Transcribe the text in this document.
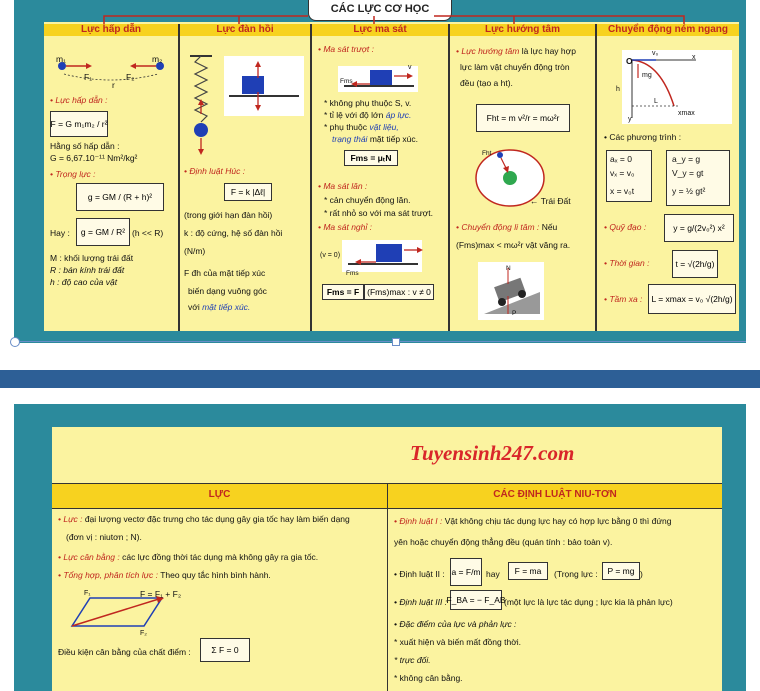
CÁC LỰC CƠ HỌC
Lực hấp dẫn	Lực đàn hồi	Lực ma sát	Lực hướng tâm	Chuyển động ném ngang
m₁	m₂
F₁	F₂
r
• Lực hấp dẫn :
F = G m₁m₂ / r²
Hằng số hấp dẫn :
G = 6,67.10⁻¹¹ Nm²/kg²
• Trọng lực :
g = GM / (R + h)²
Hay :	g = GM / R² (h << R)
M : khối lượng trái đất
R : bán kính trái đất
h : độ cao của vật
• Định luật Húc :
F = k |Δℓ|
(trong giới hạn đàn hồi)
k : độ cứng, hệ số đàn hồi
(N/m)
F đh của mặt tiếp xúc
biến dạng vuông góc
với mặt tiếp xúc.
• Ma sát trượt :
Fms
v
* không phụ thuộc S, v.
* tỉ lệ với độ lớn áp lực.
* phụ thuộc vật liệu,
trạng thái mặt tiếp xúc.
Fms = μₜN
• Ma sát lăn :
* cản chuyển động lăn.
* rất nhỏ so với ma sát trượt.
• Ma sát nghỉ :
(v = 0)
Fms
Fms = F (Fms)max : v ≠ 0
• Lực hướng tâm là lực hay hợp
lực làm vật chuyển động tròn
đều (tạo a ht).
Fht = m v²/r = mω²r
Fht
← Trái Đất
• Chuyển động li tâm : Nếu
(Fms)max < mω²r vật văng ra.
N
P
O
v₀
x
mg
h
L
xmax
y
• Các phương trình :
aₓ = 0
vₓ = v₀
x = v₀t
a_y = g
V_y = gt
y = ½ gt²
• Quỹ đạo :	y = g/(2v₀²) x²
• Thời gian :	t = √(2h/g)
• Tầm xa :	L = xmax = v₀ √(2h/g)
Tuyensinh247.com
LỰC	CÁC ĐỊNH LUẬT NIU-TƠN
• Lực : đại lượng vectơ đặc trưng cho tác dụng gây gia tốc hay làm biến dạng
(đơn vị : niutơn ; N).
• Lực cân bằng : các lực đồng thời tác dụng mà không gây ra gia tốc.
• Tổng hợp, phân tích lực : Theo quy tắc hình bình hành.
F₁
F₂
F = F₁ + F₂
Điều kiện cân bằng của chất điểm :	Σ F = 0
• Định luật I : Vật không chịu tác dụng lực hay có hợp lực bằng 0 thì đứng
yên hoặc chuyển động thẳng đều (quán tính : bảo toàn v).
• Định luật II : a = F/m hay	F = ma	(Trọng lực :	P = mg )
• Định luật III : F_BA = − F_AB
(một lực là lực tác dụng ; lực kia là phản lực)
• Đặc điểm của lực và phản lực :
* xuất hiện và biến mất đồng thời.
* trực đối.
* không cân bằng.
